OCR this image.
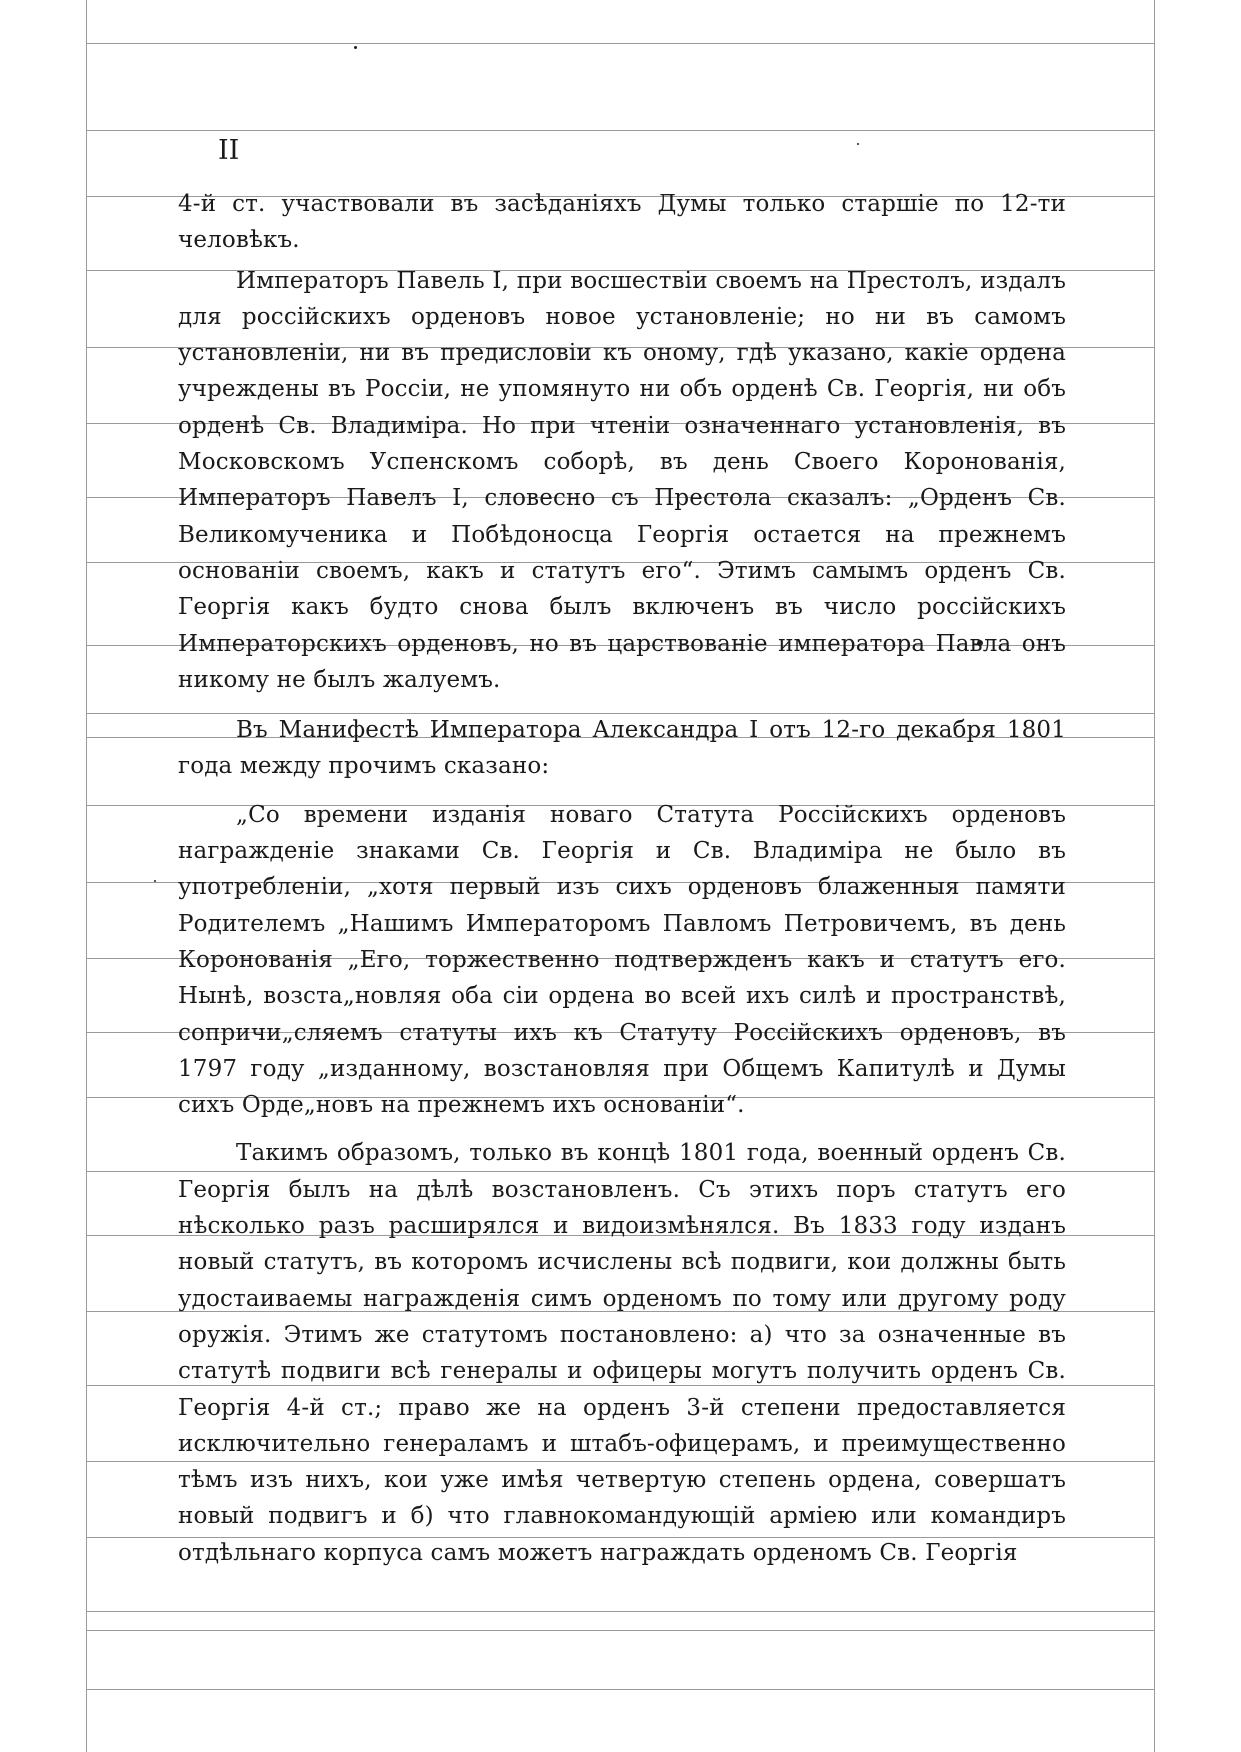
II

4-й ст. участвовали въ засѣданіяхъ Думы только старшіе по 12-ти человѣкъ.

Императоръ Павель I, при восшествіи своемъ на Престолъ, издалъ для россійскихъ орденовъ новое установленіе; но ни въ самомъ установленіи, ни въ предисловіи къ оному, гдѣ указано, какіе ордена учреждены въ Россіи, не упомянуто ни объ орденѣ Св. Георгія, ни объ орденѣ Св. Владиміра. Но при чтеніи означеннаго установленія, въ Московскомъ Успенскомъ соборѣ, въ день Своего Коронованія, Императоръ Павелъ I, словесно съ Престола сказалъ: „Орденъ Св. Великомученика и Побѣдоносца Георгія остается на прежнемъ основаніи своемъ, какъ и статутъ его“. Этимъ самымъ орденъ Св. Георгія какъ будто снова былъ включенъ въ число россійскихъ Императорскихъ орденовъ, но въ царствованіе императора Павла онъ никому не былъ жалуемъ.

Въ Манифестѣ Императора Александра I отъ 12-го декабря 1801 года между прочимъ сказано:

„Со времени изданія новаго Статута Россійскихъ орденовъ награжденіе знаками Св. Георгія и Св. Владиміра не было въ употребленіи, „хотя первый изъ сихъ орденовъ блаженныя памяти Родителемъ „Нашимъ Императоромъ Павломъ Петровичемъ, въ день Коронованія „Его, торжественно подтвержденъ какъ и статутъ его. Нынѣ, возста„новляя оба сіи ордена во всей ихъ силѣ и пространствѣ, сопричи„сляемъ статуты ихъ къ Статуту Россійскихъ орденовъ, въ 1797 году „изданному, возстановляя при Общемъ Капитулѣ и Думы сихъ Орде„новъ на прежнемъ ихъ основаніи“.

Такимъ образомъ, только въ концѣ 1801 года, военный орденъ Св. Георгія былъ на дѣлѣ возстановленъ. Съ этихъ поръ статутъ его нѣсколько разъ расширялся и видоизмѣнялся. Въ 1833 году изданъ новый статутъ, въ которомъ исчислены всѣ подвиги, кои должны быть удостаиваемы награжденія симъ орденомъ по тому или другому роду оружія. Этимъ же статутомъ постановлено: а) что за означенные въ статутѣ подвиги всѣ генералы и офицеры могутъ получить орденъ Св. Георгія 4-й ст.; право же на орденъ 3-й степени предоставляется исключительно генераламъ и штабъ-офицерамъ, и преимущественно тѣмъ изъ нихъ, кои уже имѣя четвертую степень ордена, совершатъ новый подвигъ и б) что главнокомандующій арміею или командиръ отдѣльнаго корпуса самъ можетъ награждать орденомъ Св. Георгія
